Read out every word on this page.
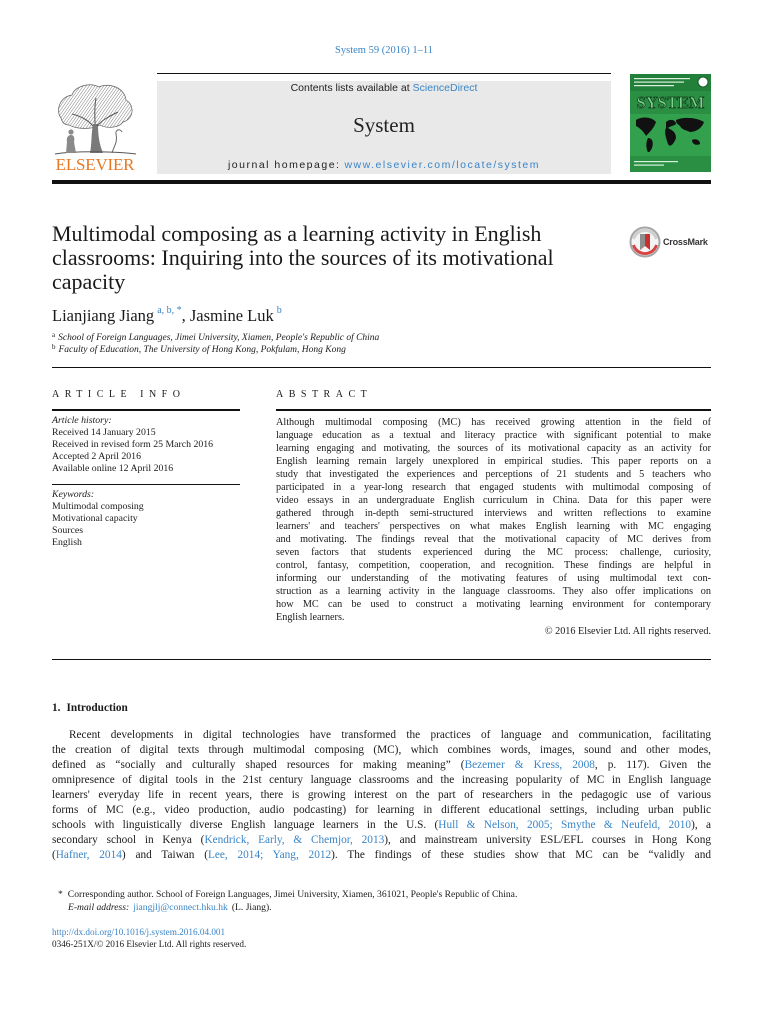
System 59 (2016) 1–11
ELSEVIER
Contents lists available at ScienceDirect
System
journal homepage: www.elsevier.com/locate/system
SYSTEM
Multimodal composing as a learning activity in English
classrooms: Inquiring into the sources of its motivational
capacity
CrossMark
Lianjiang Jiang $^{a, b, *}$, Jasmine Luk $^b$
$^a$ School of Foreign Languages, Jimei University, Xiamen, People's Republic of China
$^b$ Faculty of Education, The University of Hong Kong, Pokfulam, Hong Kong
ARTICLE INFO
Article history:
Received 14 January 2015
Received in revised form 25 March 2016
Accepted 2 April 2016
Available online 12 April 2016
Keywords:
Multimodal composing
Motivational capacity
Sources
English
ABSTRACT
Although multimodal composing (MC) has received growing attention in the field of
language education as a textual and literacy practice with significant potential to make
learning engaging and motivating, the sources of its motivational capacity as an activity for
English learning remain largely unexplored in empirical studies. This paper reports on a
study that investigated the experiences and perceptions of 21 students and 5 teachers who
participated in a year-long research that engaged students with multimodal composing of
video essays in an undergraduate English curriculum in China. Data for this paper were
gathered through in-depth semi-structured interviews and written reflections to examine
learners' and teachers' perspectives on what makes English learning with MC engaging
and motivating. The findings reveal that the motivational capacity of MC derives from
seven factors that students experienced during the MC process: challenge, curiosity,
control, fantasy, competition, cooperation, and recognition. These findings are helpful in
informing our understanding of the motivating features of using multimodal text con-
struction as a learning activity in the language classrooms. They also offer implications on
how MC can be used to construct a motivating learning environment for contemporary
English learners.
© 2016 Elsevier Ltd. All rights reserved.
1. Introduction
Recent developments in digital technologies have transformed the practices of language and communication, facilitating
the creation of digital texts through multimodal composing (MC), which combines words, images, sound and other modes,
defined as “socially and culturally shaped resources for making meaning” (Bezemer & Kress, 2008, p. 117). Given the
omnipresence of digital tools in the 21st century language classrooms and the increasing popularity of MC in English language
learners' everyday life in recent years, there is growing interest on the part of researchers in the pedagogic use of various
forms of MC (e.g., video production, audio podcasting) for learning in different educational settings, including urban public
schools with linguistically diverse English language learners in the U.S. (Hull & Nelson, 2005; Smythe & Neufeld, 2010), a
secondary school in Kenya (Kendrick, Early, & Chemjor, 2013), and mainstream university ESL/EFL courses in Hong Kong
(Hafner, 2014) and Taiwan (Lee, 2014; Yang, 2012). The findings of these studies show that MC can be “validly and
* Corresponding author. School of Foreign Languages, Jimei University, Xiamen, 361021, People's Republic of China.
E-mail address: jiangjlj@connect.hku.hk (L. Jiang).
http://dx.doi.org/10.1016/j.system.2016.04.001
0346-251X/© 2016 Elsevier Ltd. All rights reserved.
